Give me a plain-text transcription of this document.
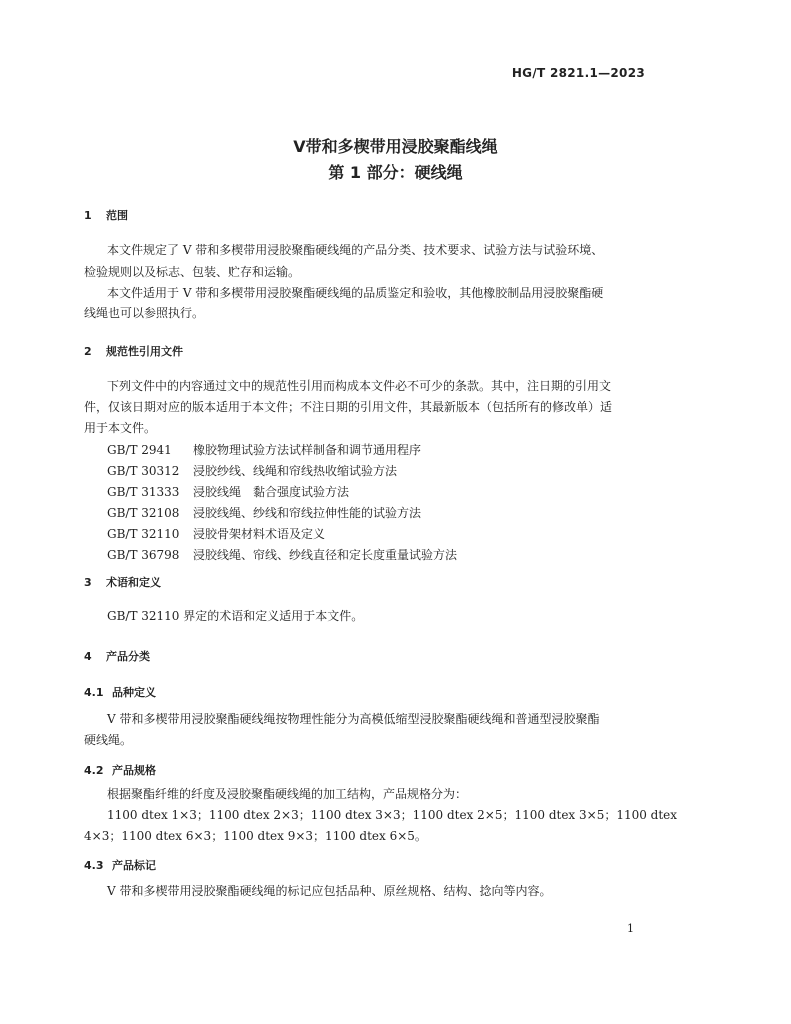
HG/T 2821.1—2023
V带和多楔带用浸胶聚酯线绳
第 1 部分：硬线绳
1 范围
本文件规定了 V 带和多楔带用浸胶聚酯硬线绳的产品分类、技术要求、试验方法与试验环境、
检验规则以及标志、包装、贮存和运输。
本文件适用于 V 带和多楔带用浸胶聚酯硬线绳的品质鉴定和验收，其他橡胶制品用浸胶聚酯硬
线绳也可以参照执行。
2 规范性引用文件
下列文件中的内容通过文中的规范性引用而构成本文件必不可少的条款。其中，注日期的引用文
件，仅该日期对应的版本适用于本文件；不注日期的引用文件，其最新版本（包括所有的修改单）适
用于本文件。
GB/T 2941 橡胶物理试验方法试样制备和调节通用程序
GB/T 30312 浸胶纱线、线绳和帘线热收缩试验方法
GB/T 31333 浸胶线绳　黏合强度试验方法
GB/T 32108 浸胶线绳、纱线和帘线拉伸性能的试验方法
GB/T 32110 浸胶骨架材料术语及定义
GB/T 36798 浸胶线绳、帘线、纱线直径和定长度重量试验方法
3 术语和定义
GB/T 32110 界定的术语和定义适用于本文件。
4 产品分类
4.1 品种定义
V 带和多楔带用浸胶聚酯硬线绳按物理性能分为高模低缩型浸胶聚酯硬线绳和普通型浸胶聚酯
硬线绳。
4.2 产品规格
根据聚酯纤维的纤度及浸胶聚酯硬线绳的加工结构，产品规格分为：
1100 dtex 1×3；1100 dtex 2×3；1100 dtex 3×3；1100 dtex 2×5；1100 dtex 3×5；1100 dtex
4×3；1100 dtex 6×3；1100 dtex 9×3；1100 dtex 6×5。
4.3 产品标记
V 带和多楔带用浸胶聚酯硬线绳的标记应包括品种、原丝规格、结构、捻向等内容。
1
